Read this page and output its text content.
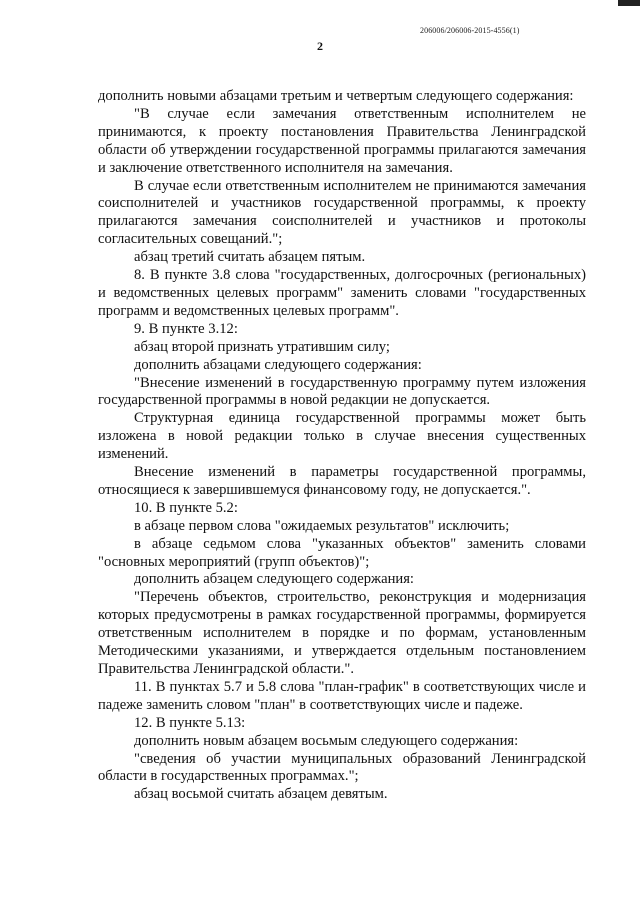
206006/206006-2015-4556(1)
2

дополнить новыми абзацами третьим и четвертым следующего содержания:

"В случае если замечания ответственным исполнителем не принимаются, к проекту постановления Правительства Ленинградской области об утверждении государственной программы прилагаются замечания и заключение ответственного исполнителя на замечания.

В случае если ответственным исполнителем не принимаются замечания соисполнителей и участников государственной программы, к проекту прилагаются замечания соисполнителей и участников и протоколы согласительных совещаний.";

абзац третий считать абзацем пятым.

8. В пункте 3.8 слова "государственных, долгосрочных (региональных) и ведомственных целевых программ" заменить словами "государственных программ и ведомственных целевых программ".

9. В пункте 3.12:

абзац второй признать утратившим силу;

дополнить абзацами следующего содержания:

"Внесение изменений в государственную программу путем изложения государственной программы в новой редакции не допускается.

Структурная единица государственной программы может быть изложена в новой редакции только в случае внесения существенных изменений.

Внесение изменений в параметры государственной программы, относящиеся к завершившемуся финансовому году, не допускается.".

10. В пункте 5.2:

в абзаце первом слова "ожидаемых результатов" исключить;

в абзаце седьмом слова "указанных объектов" заменить словами "основных мероприятий (групп объектов)";

дополнить абзацем следующего содержания:

"Перечень объектов, строительство, реконструкция и модернизация которых предусмотрены в рамках государственной программы, формируется ответственным исполнителем в порядке и по формам, установленным Методическими указаниями, и утверждается отдельным постановлением Правительства Ленинградской области.".

11. В пунктах 5.7 и 5.8 слова "план-график" в соответствующих числе и падеже заменить словом "план" в соответствующих числе и падеже.

12. В пункте 5.13:

дополнить новым абзацем восьмым следующего содержания:

"сведения об участии муниципальных образований Ленинградской области в государственных программах.";

абзац восьмой считать абзацем девятым.
